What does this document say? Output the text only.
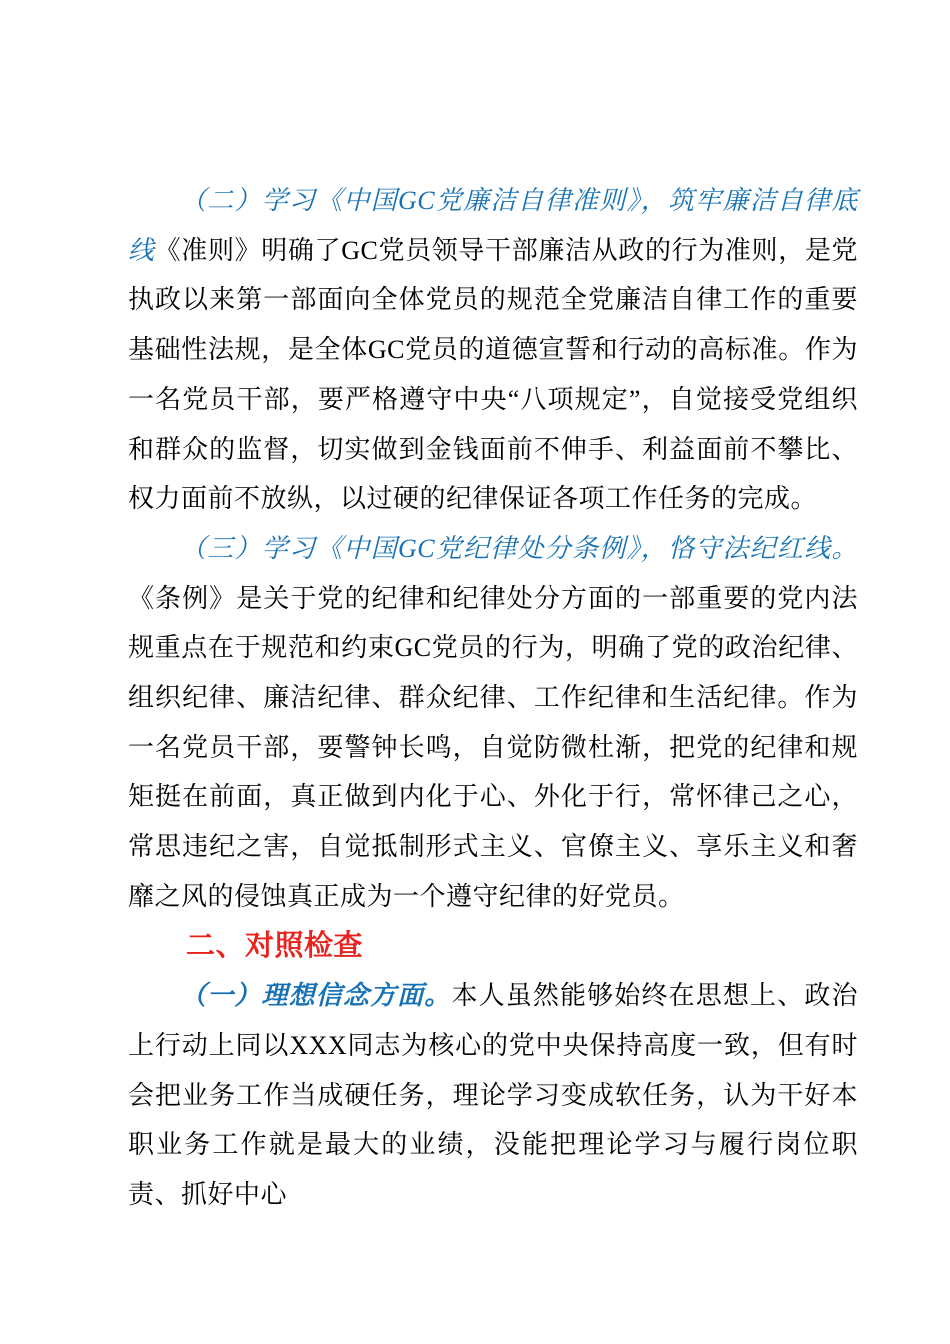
（二）学习《中国GC党廉洁自律准则》，筑牢廉洁自律底线《准则》明确了GC党员领导干部廉洁从政的行为准则，是党执政以来第一部面向全体党员的规范全党廉洁自律工作的重要基础性法规，是全体GC党员的道德宣誓和行动的高标准。作为一名党员干部，要严格遵守中央“八项规定”，自觉接受党组织和群众的监督，切实做到金钱面前不伸手、利益面前不攀比、权力面前不放纵，以过硬的纪律保证各项工作任务的完成。

（三）学习《中国GC党纪律处分条例》，恪守法纪红线。《条例》是关于党的纪律和纪律处分方面的一部重要的党内法规重点在于规范和约束GC党员的行为，明确了党的政治纪律、组织纪律、廉洁纪律、群众纪律、工作纪律和生活纪律。作为一名党员干部，要警钟长鸣，自觉防微杜渐，把党的纪律和规矩挺在前面，真正做到内化于心、外化于行，常怀律己之心，常思违纪之害，自觉抵制形式主义、官僚主义、享乐主义和奢靡之风的侵蚀真正成为一个遵守纪律的好党员。

二、对照检查

（一）理想信念方面。本人虽然能够始终在思想上、政治上行动上同以XXX同志为核心的党中央保持高度一致，但有时会把业务工作当成硬任务，理论学习变成软任务，认为干好本职业务工作就是最大的业绩，没能把理论学习与履行岗位职责、抓好中心
